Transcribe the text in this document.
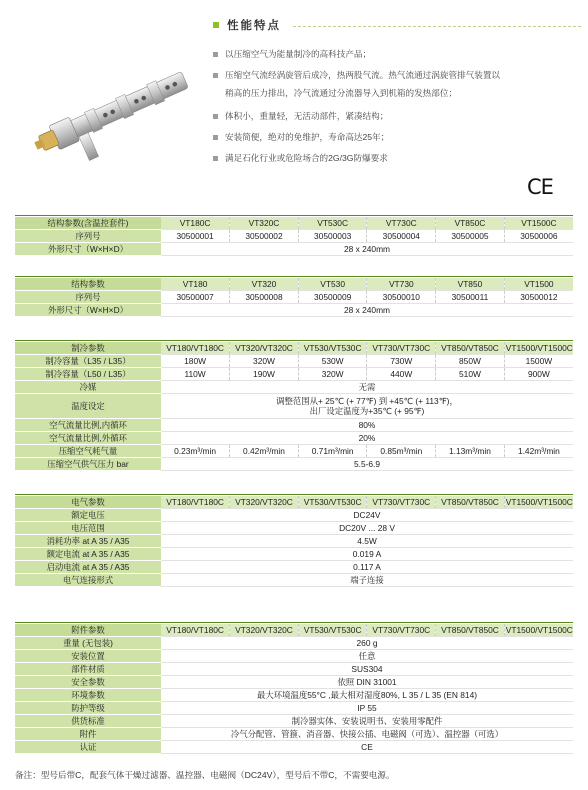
性能特点
以压缩空气为能量制冷的高科技产品；
压缩空气流经涡旋管后成冷，热两股气流。热气流通过涡旋管排气装置以
稍高的压力排出，冷气流通过分流器导入到机箱的发热部位；
体积小，重量轻，无活动部件，紧凑结构；
安装简便，绝对的免维护，寿命高达25年；
满足石化行业或危险场合的2G/3G防爆要求
CE
结构参数(含温控套件)	VT180C	VT320C	VT530C	VT730C	VT850C	VT1500C
序列号	30500001	30500002	30500003	30500004	30500005	30500006
外形尺寸（W×H×D）	28 x 240mm					
结构参数	VT180	VT320	VT530	VT730	VT850	VT1500
序列号	30500007	30500008	30500009	30500010	30500011	30500012
外形尺寸（W×H×D）	28 x 240mm					
制冷参数	VT180/VT180C	VT320/VT320C	VT530/VT530C	VT730/VT730C	VT850/VT850C	VT1500/VT1500C
制冷容量（L35 / L35）	180W	320W	530W	730W	850W	1500W
制冷容量（L50 / L35）	110W	190W	320W	440W	510W	900W
冷媒	无需					
温度设定	调整范围从+ 25℃ (+ 77℉) 到 +45℃ (+ 113℉)，
出厂设定温度为+35℃ (+ 95℉)					

空气流量比例,内循环	80%					
空气流量比例,外循环	20%					
压缩空气耗气量	0.23m³/min	0.42m³/min	0.71m³/min	0.85m³/min	1.13m³/min	1.42m³/min
压缩空气供气压力 bar	5.5-6.9					
电气参数	VT180/VT180C	VT320/VT320C	VT530/VT530C	VT730/VT730C	VT850/VT850C	VT1500/VT1500C
额定电压	DC24V					
电压范围	DC20V ... 28 V					
消耗功率 at A 35 / A35	4.5W					
额定电流 at A 35 / A35	0.019 A					
启动电流 at A 35 / A35	0.117 A					
电气连接形式	端子连接					
附件参数	VT180/VT180C	VT320/VT320C	VT530/VT530C	VT730/VT730C	VT850/VT850C	VT1500/VT1500C
重量 (无包装)	260 g					
安装位置	任意					
部件材质	SUS304					
安全参数	依照 DIN 31001					
环境参数	最大环境温度55°C ,最大相对湿度80%, L 35 / L 35 (EN 814)					
防护等级	IP 55					
供货标准	制冷器实体、安装说明书、安装用零配件					
附件	冷气分配管、管箍、消音器、快接公插、电磁阀（可选）、温控器（可选）					
认证	CE					
备注：型号后带C，配套气体干燥过滤器、温控器、电磁阀（DC24V），型号后不带C，不需要电源。
